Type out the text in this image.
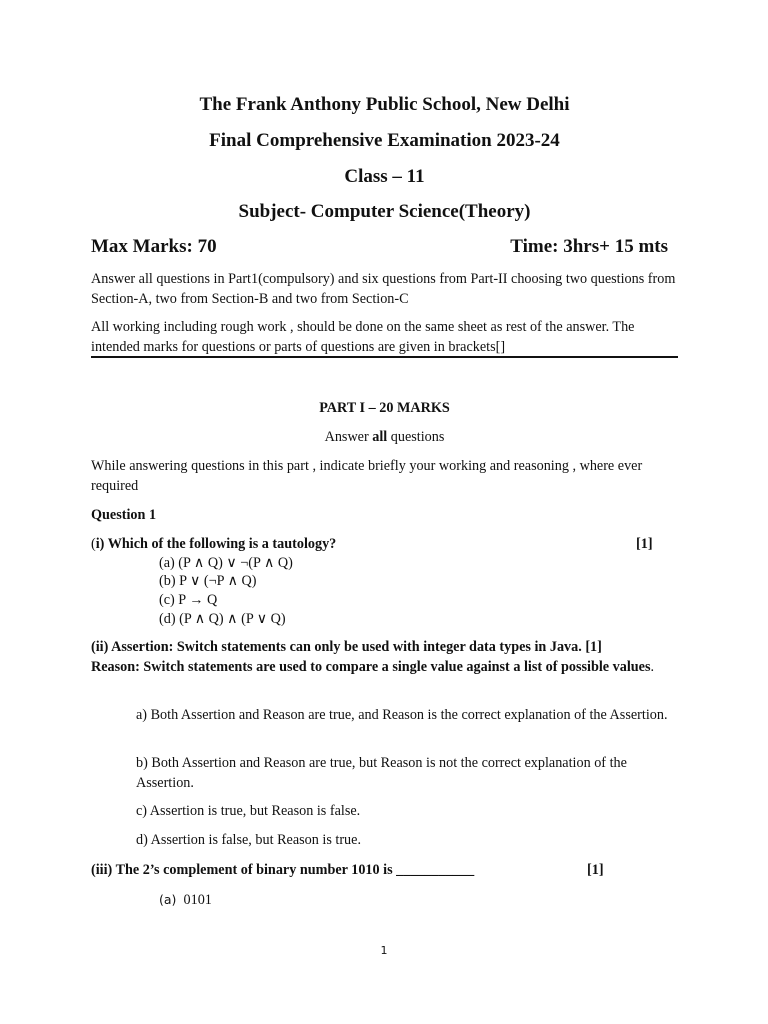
The Frank Anthony Public School, New Delhi
Final Comprehensive Examination 2023-24
Class – 11
Subject- Computer Science(Theory)
Max Marks: 70	Time: 3hrs+ 15 mts
Answer all questions in Part1(compulsory) and six questions from Part-II choosing two questions from Section-A, two from Section-B and two from Section-C
All working including rough work , should be done on the same sheet as rest of the answer. The intended marks for questions or parts of questions are given in brackets[]
PART I – 20 MARKS
Answer all questions
While answering questions in this part , indicate briefly your working and reasoning , where ever required
Question 1
(i) Which of the following is a tautology?	[1]
(a) (P ∧ Q) ∨ ¬(P ∧ Q)
(b) P ∨ (¬P ∧ Q)
(c) P → Q
(d) (P ∧ Q) ∧ (P ∨ Q)
(ii) Assertion: Switch statements can only be used with integer data types in Java. [1]
Reason: Switch statements are used to compare a single value against a list of possible values.
a) Both Assertion and Reason are true, and Reason is the correct explanation of the Assertion.
b) Both Assertion and Reason are true, but Reason is not the correct explanation of the Assertion.
c) Assertion is true, but Reason is false.
d) Assertion is false, but Reason is true.
(iii) The 2’s complement of binary number 1010 is ___________	[1]
(a) 0101
1
